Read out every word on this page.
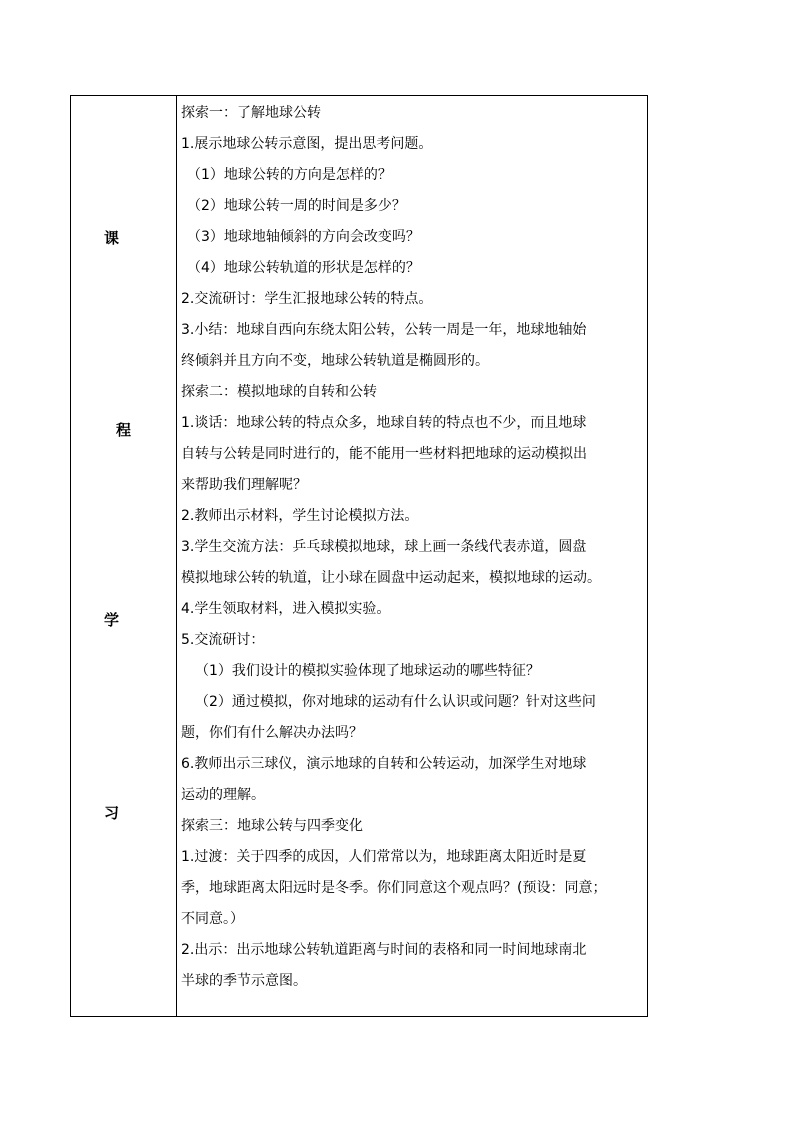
课
程
学
习
探索一：了解地球公转
1.展示地球公转示意图，提出思考问题。
（1）地球公转的方向是怎样的？
（2）地球公转一周的时间是多少？
（3）地球地轴倾斜的方向会改变吗？
（4）地球公转轨道的形状是怎样的？
2.交流研讨：学生汇报地球公转的特点。
3.小结：地球自西向东绕太阳公转，公转一周是一年，地球地轴始
终倾斜并且方向不变，地球公转轨道是椭圆形的。
探索二：模拟地球的自转和公转
1.谈话：地球公转的特点众多，地球自转的特点也不少，而且地球
自转与公转是同时进行的，能不能用一些材料把地球的运动模拟出
来帮助我们理解呢？
2.教师出示材料，学生讨论模拟方法。
3.学生交流方法：乒乓球模拟地球，球上画一条线代表赤道，圆盘
模拟地球公转的轨道，让小球在圆盘中运动起来，模拟地球的运动。
4.学生领取材料，进入模拟实验。
5.交流研讨：
（1）我们设计的模拟实验体现了地球运动的哪些特征？
（2）通过模拟，你对地球的运动有什么认识或问题？针对这些问
题，你们有什么解决办法吗？
6.教师出示三球仪，演示地球的自转和公转运动，加深学生对地球
运动的理解。
探索三：地球公转与四季变化
1.过渡：关于四季的成因，人们常常以为，地球距离太阳近时是夏
季，地球距离太阳远时是冬季。你们同意这个观点吗？(预设：同意；
不同意。）
2.出示：出示地球公转轨道距离与时间的表格和同一时间地球南北
半球的季节示意图。
